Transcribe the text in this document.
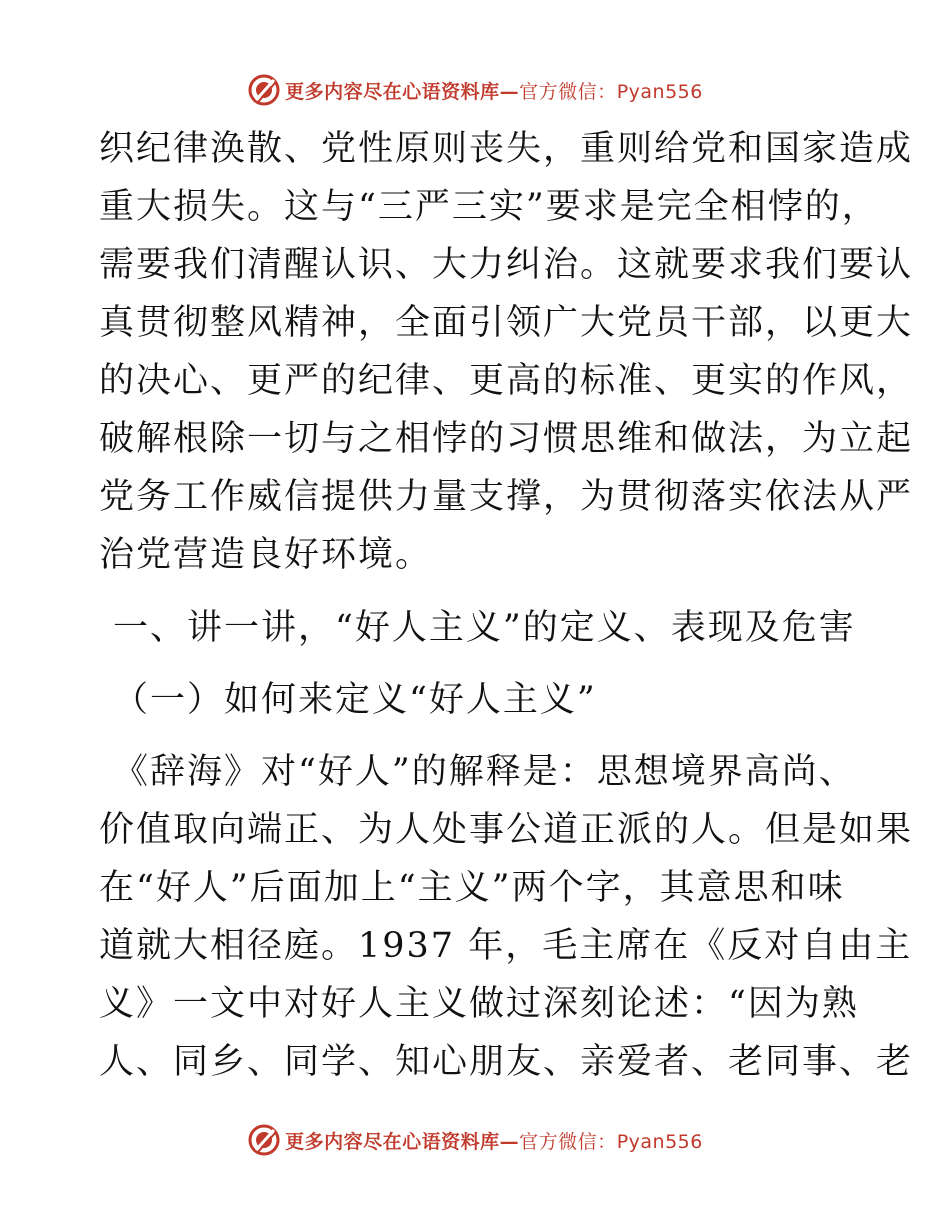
更多内容尽在心语资料库—官方微信：Pyan556
织纪律涣散、党性原则丧失，重则给党和国家造成
重大损失。这与“三严三实”要求是完全相悖的，
需要我们清醒认识、大力纠治。这就要求我们要认
真贯彻整风精神，全面引领广大党员干部，以更大
的决心、更严的纪律、更高的标准、更实的作风，
破解根除一切与之相悖的习惯思维和做法，为立起
党务工作威信提供力量支撑，为贯彻落实依法从严
治党营造良好环境。
一、讲一讲，“好人主义”的定义、表现及危害
（一）如何来定义“好人主义”
《辞海》对“好人”的解释是：思想境界高尚、
价值取向端正、为人处事公道正派的人。但是如果
在“好人”后面加上“主义”两个字，其意思和味
道就大相径庭。1937 年，毛主席在《反对自由主
义》一文中对好人主义做过深刻论述：“因为熟
人、同乡、同学、知心朋友、亲爱者、老同事、老
更多内容尽在心语资料库—官方微信：Pyan556
